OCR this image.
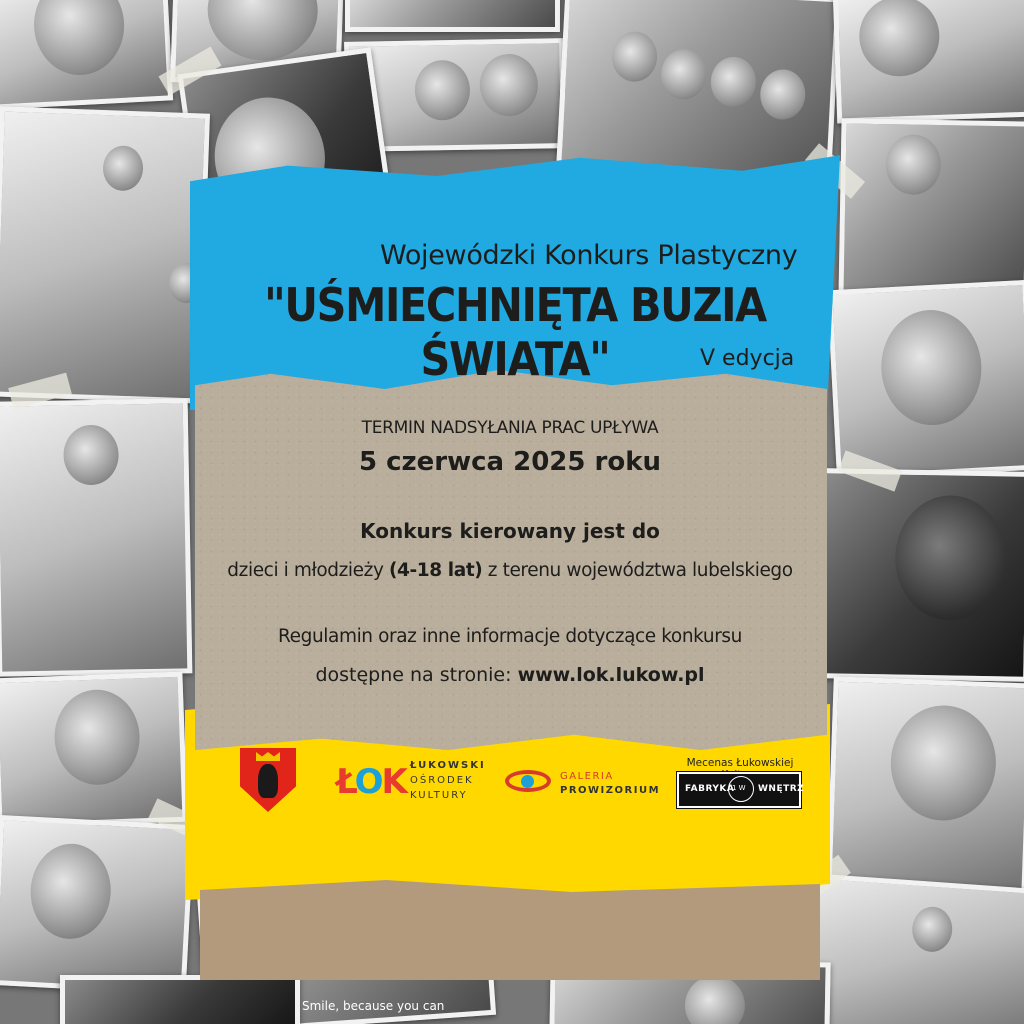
Wojewódzki Konkurs Plastyczny
"UŚMIECHNIĘTA BUZIA ŚWIATA"	V edycja
TERMIN NADSYŁANIA PRAC UPŁYWA
5 czerwca 2025 roku
Konkurs kierowany jest do
dzieci i młodzieży (4-18 lat) z terenu województwa lubelskiego
Regulamin oraz inne informacje dotyczące konkursu
dostępne na stronie: www.lok.lukow.pl
ŁOK ŁUKOWSKI
OŚRODEK
KULTURY
GALERIA
PROWIZORIUM
Mecenas Łukowskiej
FABRYKA
1 W WNĘTRZ
Smile, because you can
